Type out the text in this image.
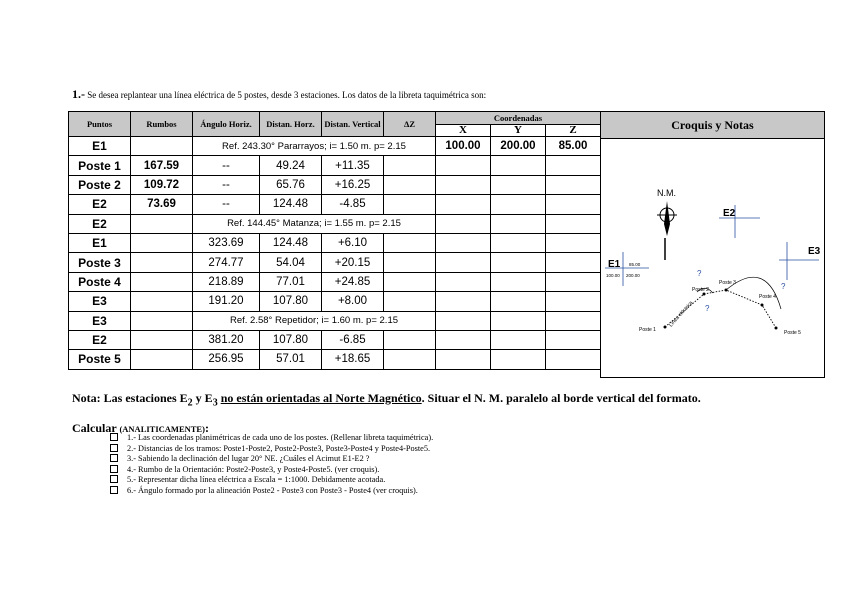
1.- Se desea replantear una línea eléctrica de 5 postes, desde 3 estaciones. Los datos de la libreta taquimétrica son:
Puntos	Rumbos	Ángulo Horiz.	Distan. Horz.	Distan. Vertical	ΔZ	Coordenadas		
						X	Y	Z
E1		Ref. 243.30° Pararrayos; i= 1.50 m. p= 2.15				100.00	200.00	85.00
Poste 1	167.59	--	49.24	+11.35				
Poste 2	109.72	--	65.76	+16.25				
E2	73.69	--	124.48	-4.85				
E2		Ref. 144.45° Matanza; i= 1.55 m. p= 2.15						
E1		323.69	124.48	+6.10				
Poste 3		274.77	54.04	+20.15				
Poste 4		218.89	77.01	+24.85				
E3		191.20	107.80	+8.00				
E3		Ref. 2.58° Repetidor; i= 1.60 m. p= 2.15						
E2		381.20	107.80	-6.85				
Poste 5		256.95	57.01	+18.65				
Croquis y Notas
N.M.
E2
E3
E1 85.00
100.00 200.00
Poste 1
Poste 2
Poste 3
Poste 4
Poste 5
Línea eléctrica
?
?
?
Nota: Las estaciones $E_2$ y $E_3$ no están orientadas al Norte Magnético. Situar el N. M. paralelo al borde vertical del formato.
Calcular (ANALITICAMENTE):
1.- Las coordenadas planimétricas de cada uno de los postes. (Rellenar libreta taquimétrica).
2.- Distancias de los tramos: Poste1-Poste2, Poste2-Poste3, Poste3-Poste4 y Poste4-Poste5.
3.- Sabiendo la declinación del lugar 20° NE. ¿Cuáles el Acimut E1-E2 ?
4.- Rumbo de la Orientación: Poste2-Poste3, y Poste4-Poste5. (ver croquis).
5.- Representar dicha línea eléctrica a Escala = 1:1000. Debidamente acotada.
6.- Ángulo formado por la alineación Poste2 - Poste3 con Poste3 - Poste4 (ver croquis).
